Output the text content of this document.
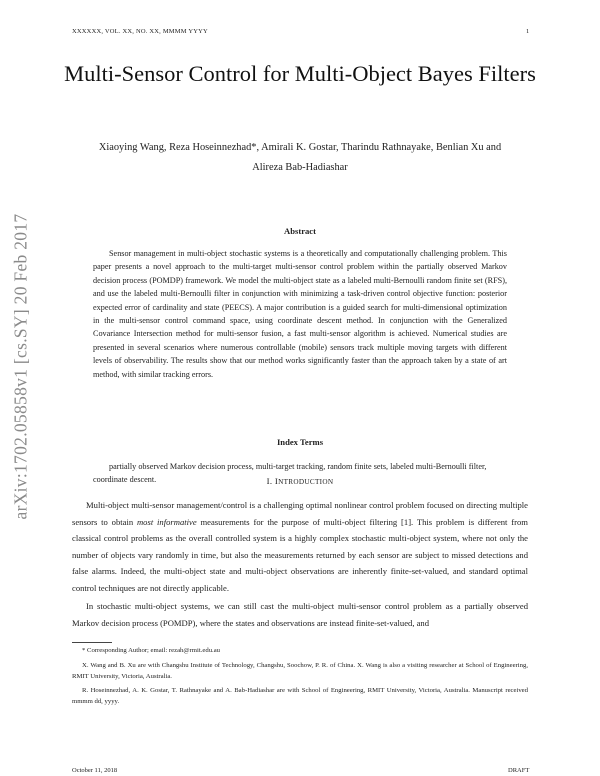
XXXXXX, VOL. XX, NO. XX, MMMM YYYY	1
arXiv:1702.05858v1 [cs.SY] 20 Feb 2017
Multi-Sensor Control for Multi-Object Bayes Filters
Xiaoying Wang, Reza Hoseinnezhad*, Amirali K. Gostar, Tharindu Rathnayake, Benlian Xu and
Alireza Bab-Hadiashar
Abstract
Sensor management in multi-object stochastic systems is a theoretically and computationally challenging problem. This paper presents a novel approach to the multi-target multi-sensor control problem within the partially observed Markov decision process (POMDP) framework. We model the multi-object state as a labeled multi-Bernoulli random finite set (RFS), and use the labeled multi-Bernoulli filter in conjunction with minimizing a task-driven control objective function: posterior expected error of cardinality and state (PEECS). A major contribution is a guided search for multi-dimensional optimization in the multi-sensor control command space, using coordinate descent method. In conjunction with the Generalized Covariance Intersection method for multi-sensor fusion, a fast multi-sensor algorithm is achieved. Numerical studies are presented in several scenarios where numerous controllable (mobile) sensors track multiple moving targets with different levels of observability. The results show that our method works significantly faster than the approach taken by a state of art method, with similar tracking errors.
Index Terms
partially observed Markov decision process, multi-target tracking, random finite sets, labeled multi-Bernoulli filter, coordinate descent.	I. INTRODUCTION
Multi-object multi-sensor management/control is a challenging optimal nonlinear control problem focused on directing multiple sensors to obtain most informative measurements for the purpose of multi-object filtering [1]. This problem is different from classical control problems as the overall controlled system is a highly complex stochastic multi-object system, where not only the number of objects vary randomly in time, but also the measurements returned by each sensor are subject to missed detections and false alarms. Indeed, the multi-object state and multi-object observations are inherently finite-set-valued, and standard optimal control techniques are not directly applicable.
In stochastic multi-object systems, we can still cast the multi-object multi-sensor control problem as a partially observed Markov decision process (POMDP), where the states and observations are instead finite-set-valued, and
* Corresponding Author; email: rezah@rmit.edu.au
X. Wang and B. Xu are with Changshu Institute of Technology, Changshu, Soochow, P. R. of China. X. Wang is also a visiting researcher at School of Engineering, RMIT University, Victoria, Australia.
R. Hoseinnezhad, A. K. Gostar, T. Rathnayake and A. Bab-Hadiashar are with School of Engineering, RMIT University, Victoria, Australia. Manuscript received mmmm dd, yyyy.
October 11, 2018	DRAFT
